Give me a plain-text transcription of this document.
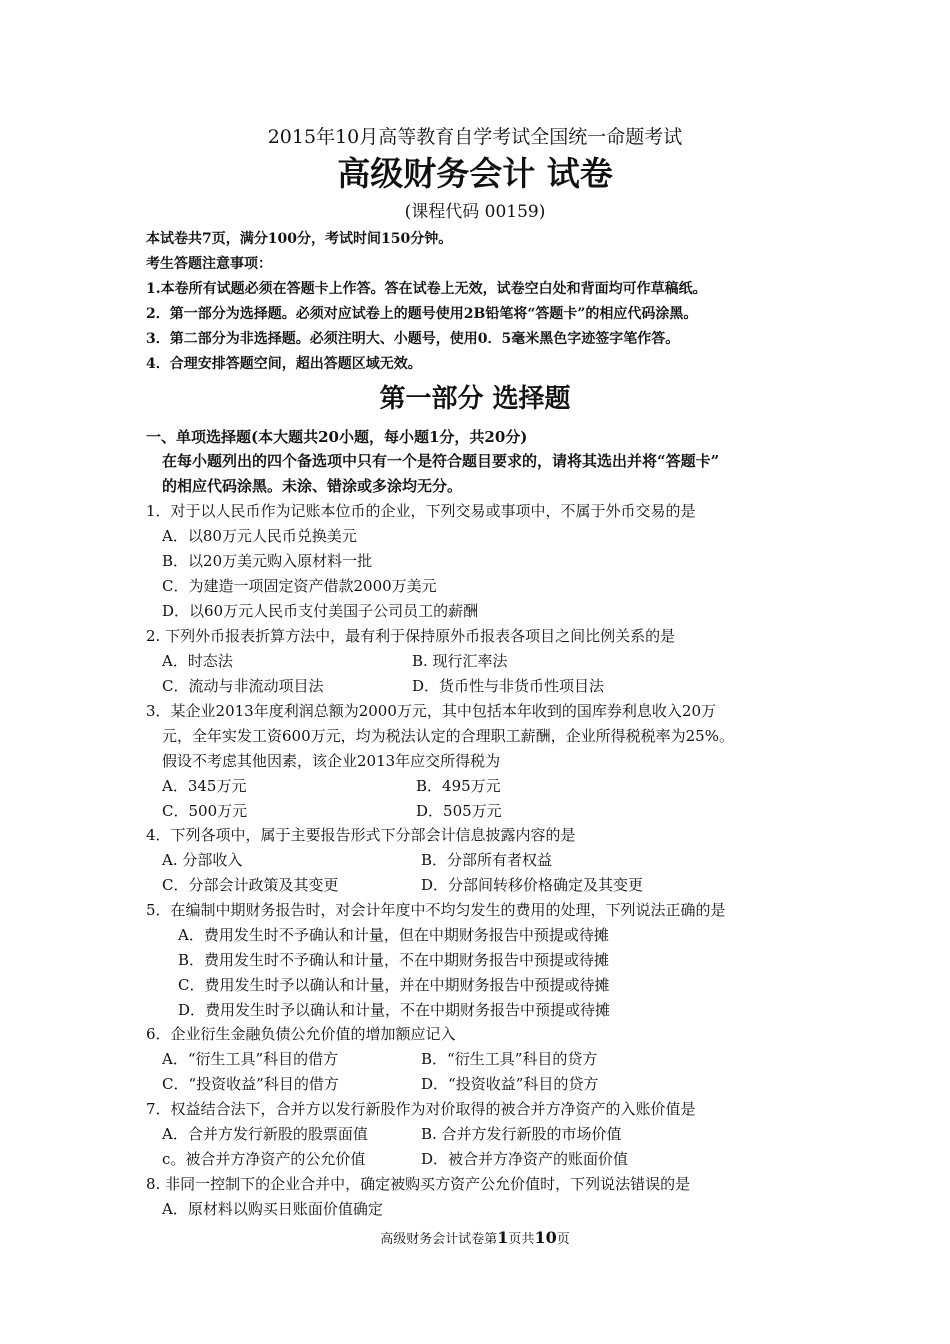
2015年10月高等教育自学考试全国统一命题考试
高级财务会计 试卷
(课程代码 00159)
本试卷共7页，满分100分，考试时间150分钟。
考生答题注意事项：
1.本卷所有试题必须在答题卡上作答。答在试卷上无效，试卷空白处和背面均可作草稿纸。
2．第一部分为选择题。必须对应试卷上的题号使用2B铅笔将“答题卡”的相应代码涂黑。
3．第二部分为非选择题。必须注明大、小题号，使用0．5毫米黑色字迹签字笔作答。
4．合理安排答题空间，超出答题区域无效。
第一部分 选择题
一、单项选择题(本大题共20小题，每小题1分，共20分)
在每小题列出的四个备选项中只有一个是符合题目要求的，请将其选出并将“答题卡”
的相应代码涂黑。未涂、错涂或多涂均无分。
1．对于以人民币作为记账本位币的企业，下列交易或事项中，不属于外币交易的是
A．以80万元人民币兑换美元
B．以20万美元购入原材料一批
C．为建造一项固定资产借款2000万美元
D．以60万元人民币支付美国子公司员工的薪酬
2. 下列外币报表折算方法中，最有利于保持原外币报表各项目之间比例关系的是
A．时态法	B. 现行汇率法
C．流动与非流动项目法	D．货币性与非货币性项目法
3．某企业2013年度利润总额为2000万元，其中包括本年收到的国库券利息收入20万
元，全年实发工资600万元，均为税法认定的合理职工薪酬，企业所得税税率为25%。
假设不考虑其他因素，该企业2013年应交所得税为
A．345万元	B．495万元
C．500万元	D．505万元
4．下列各项中，属于主要报告形式下分部会计信息披露内容的是
A. 分部收入	B．分部所有者权益
C．分部会计政策及其变更	D．分部间转移价格确定及其变更
5．在编制中期财务报告时，对会计年度中不均匀发生的费用的处理，下列说法正确的是
A．费用发生时不予确认和计量，但在中期财务报告中预提或待摊
B．费用发生时不予确认和计量，不在中期财务报告中预提或待摊
C．费用发生时予以确认和计量，并在中期财务报告中预提或待摊
D．费用发生时予以确认和计量，不在中期财务报告中预提或待摊
6．企业衍生金融负债公允价值的增加额应记入
A．“衍生工具”科目的借方	B．“衍生工具”科目的贷方
C．“投资收益”科目的借方	D．“投资收益”科目的贷方
7．权益结合法下，合并方以发行新股作为对价取得的被合并方净资产的入账价值是
A．合并方发行新股的股票面值	B. 合并方发行新股的市场价值
c。被合并方净资产的公允价值	D．被合并方净资产的账面价值
8. 非同一控制下的企业合并中，确定被购买方资产公允价值时，下列说法错误的是
A．原材料以购买日账面价值确定
高级财务会计试卷第1页共10页
